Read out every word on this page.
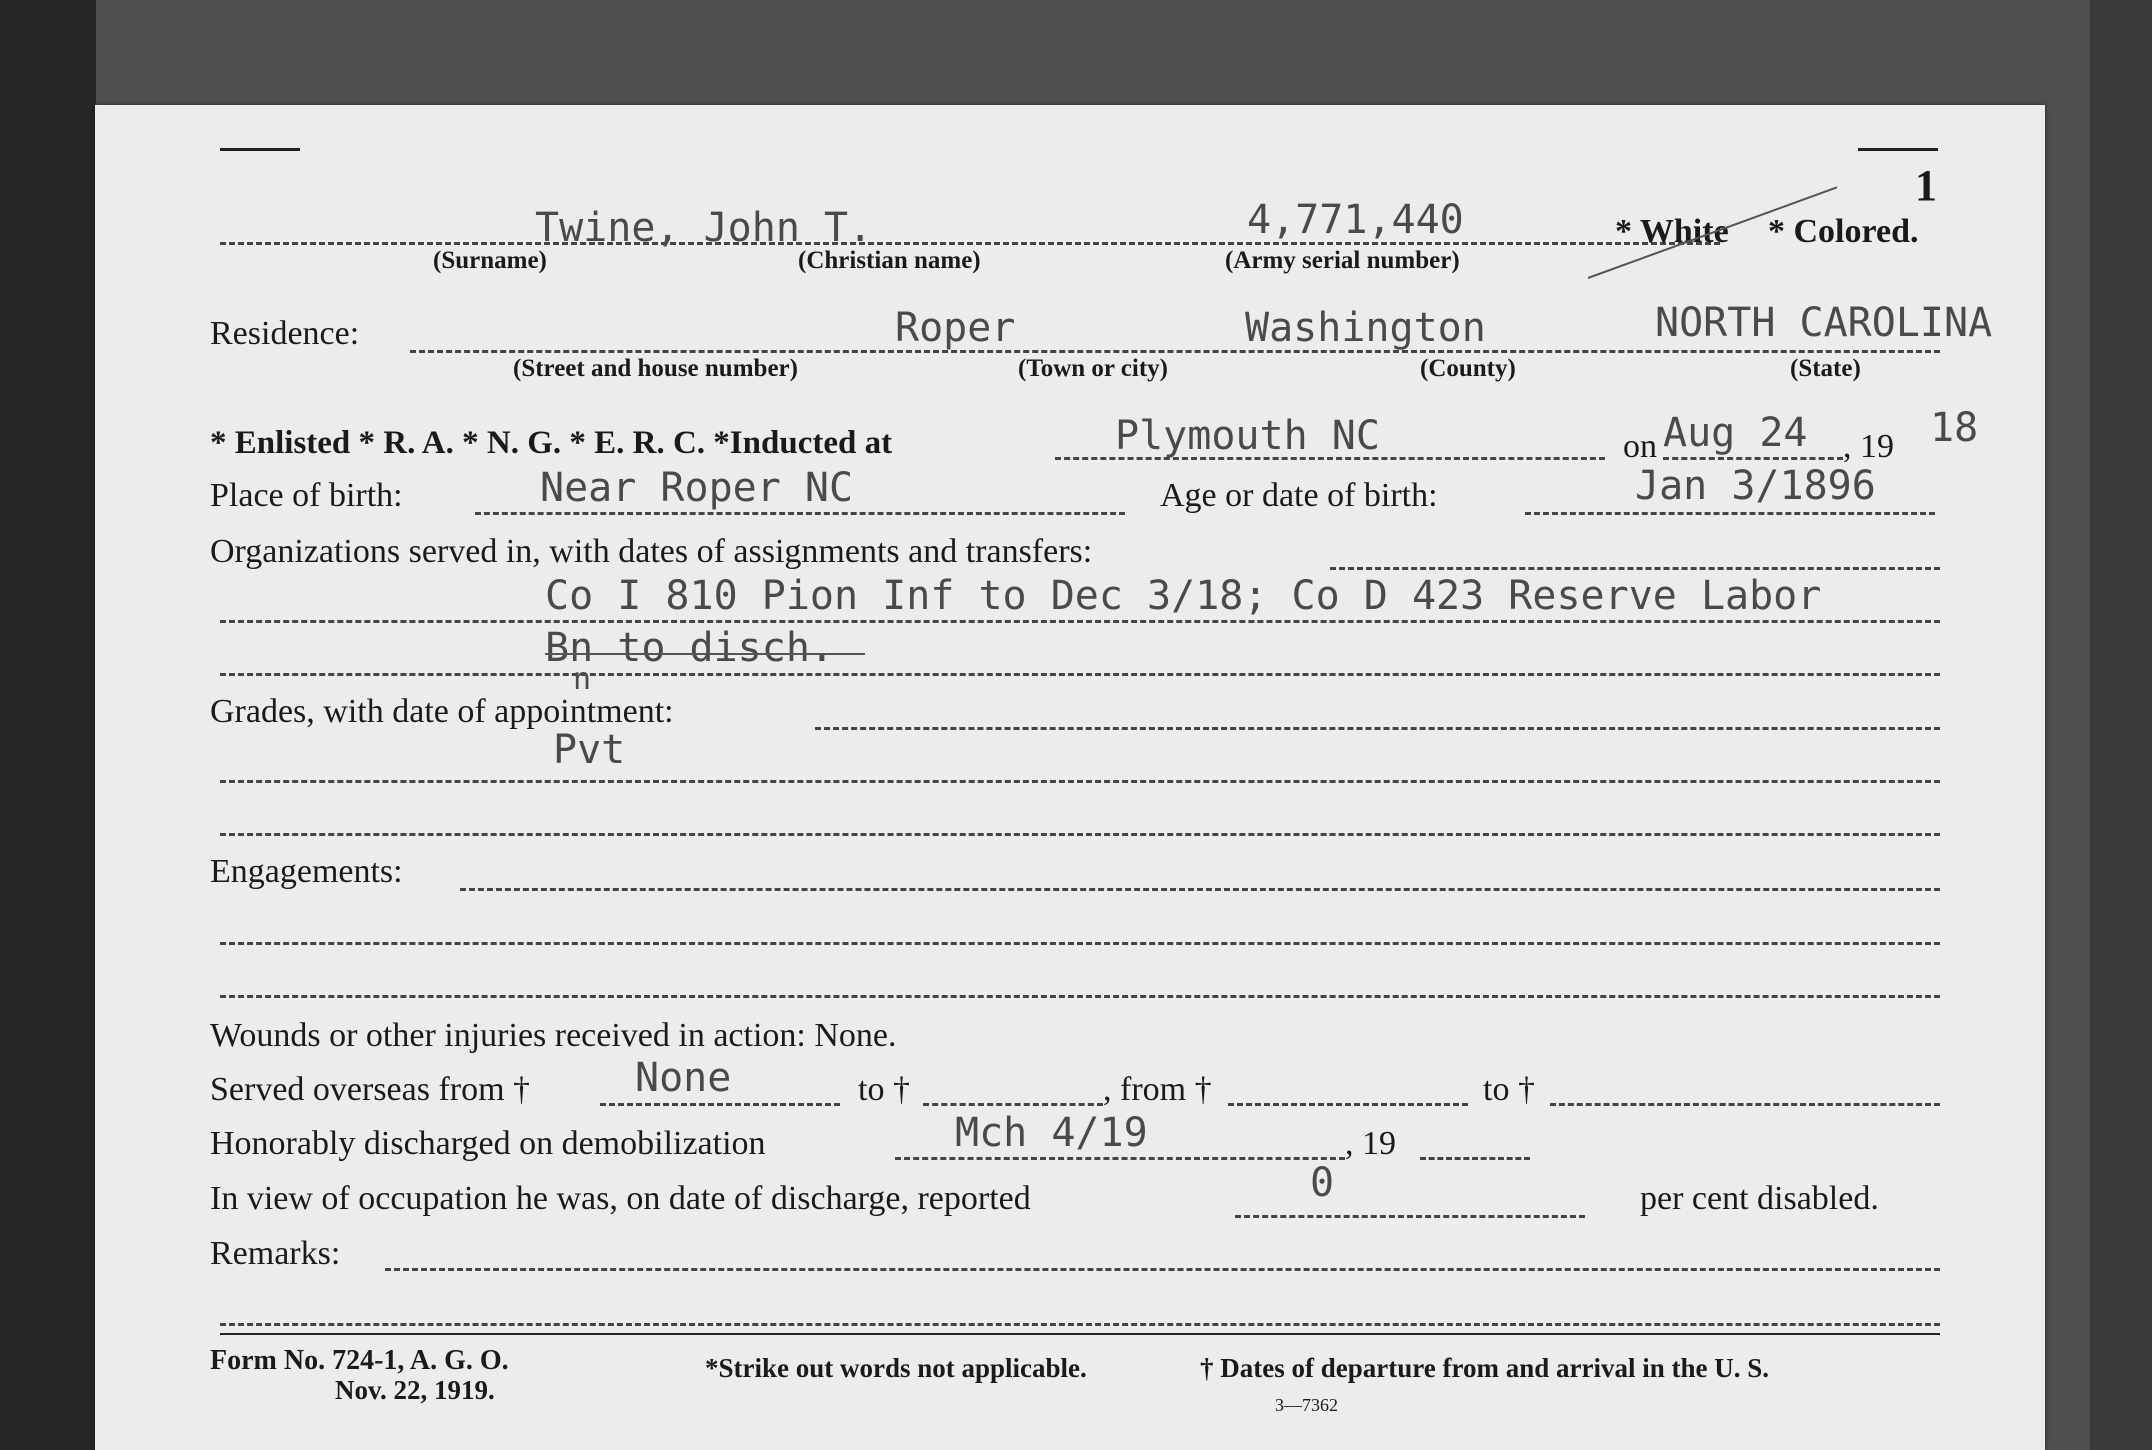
1
Twine, John T.	4,771,440	* White * Colored.
(Surname)	(Christian name)	(Army serial number)
Residence:	Roper	Washington	NORTH CAROLINA
(Street and house number)	(Town or city)	(County)	(State)
* Enlisted * R. A. * N. G. * E. R. C. *Inducted at	Plymouth NC	on Aug 24 , 19 18
Place of birth:	Near Roper NC	Age or date of birth:	Jan 3/1896
Organizations served in, with dates of assignments and transfers:
Co I 810 Pion Inf to Dec 3/18; Co D 423 Reserve Labor
Bn to disch.
n
Grades, with date of appointment:
Pvt
Engagements:
Wounds or other injuries received in action: None.
Served overseas from †	None	to †	, from †	to †
Honorably discharged on demobilization	Mch 4/19	, 19
In view of occupation he was, on date of discharge, reported	0	per cent disabled.
Remarks:
Form No. 724-1, A. G. O.
Nov. 22, 1919.
*Strike out words not applicable.	† Dates of departure from and arrival in the U. S.
3—7362
